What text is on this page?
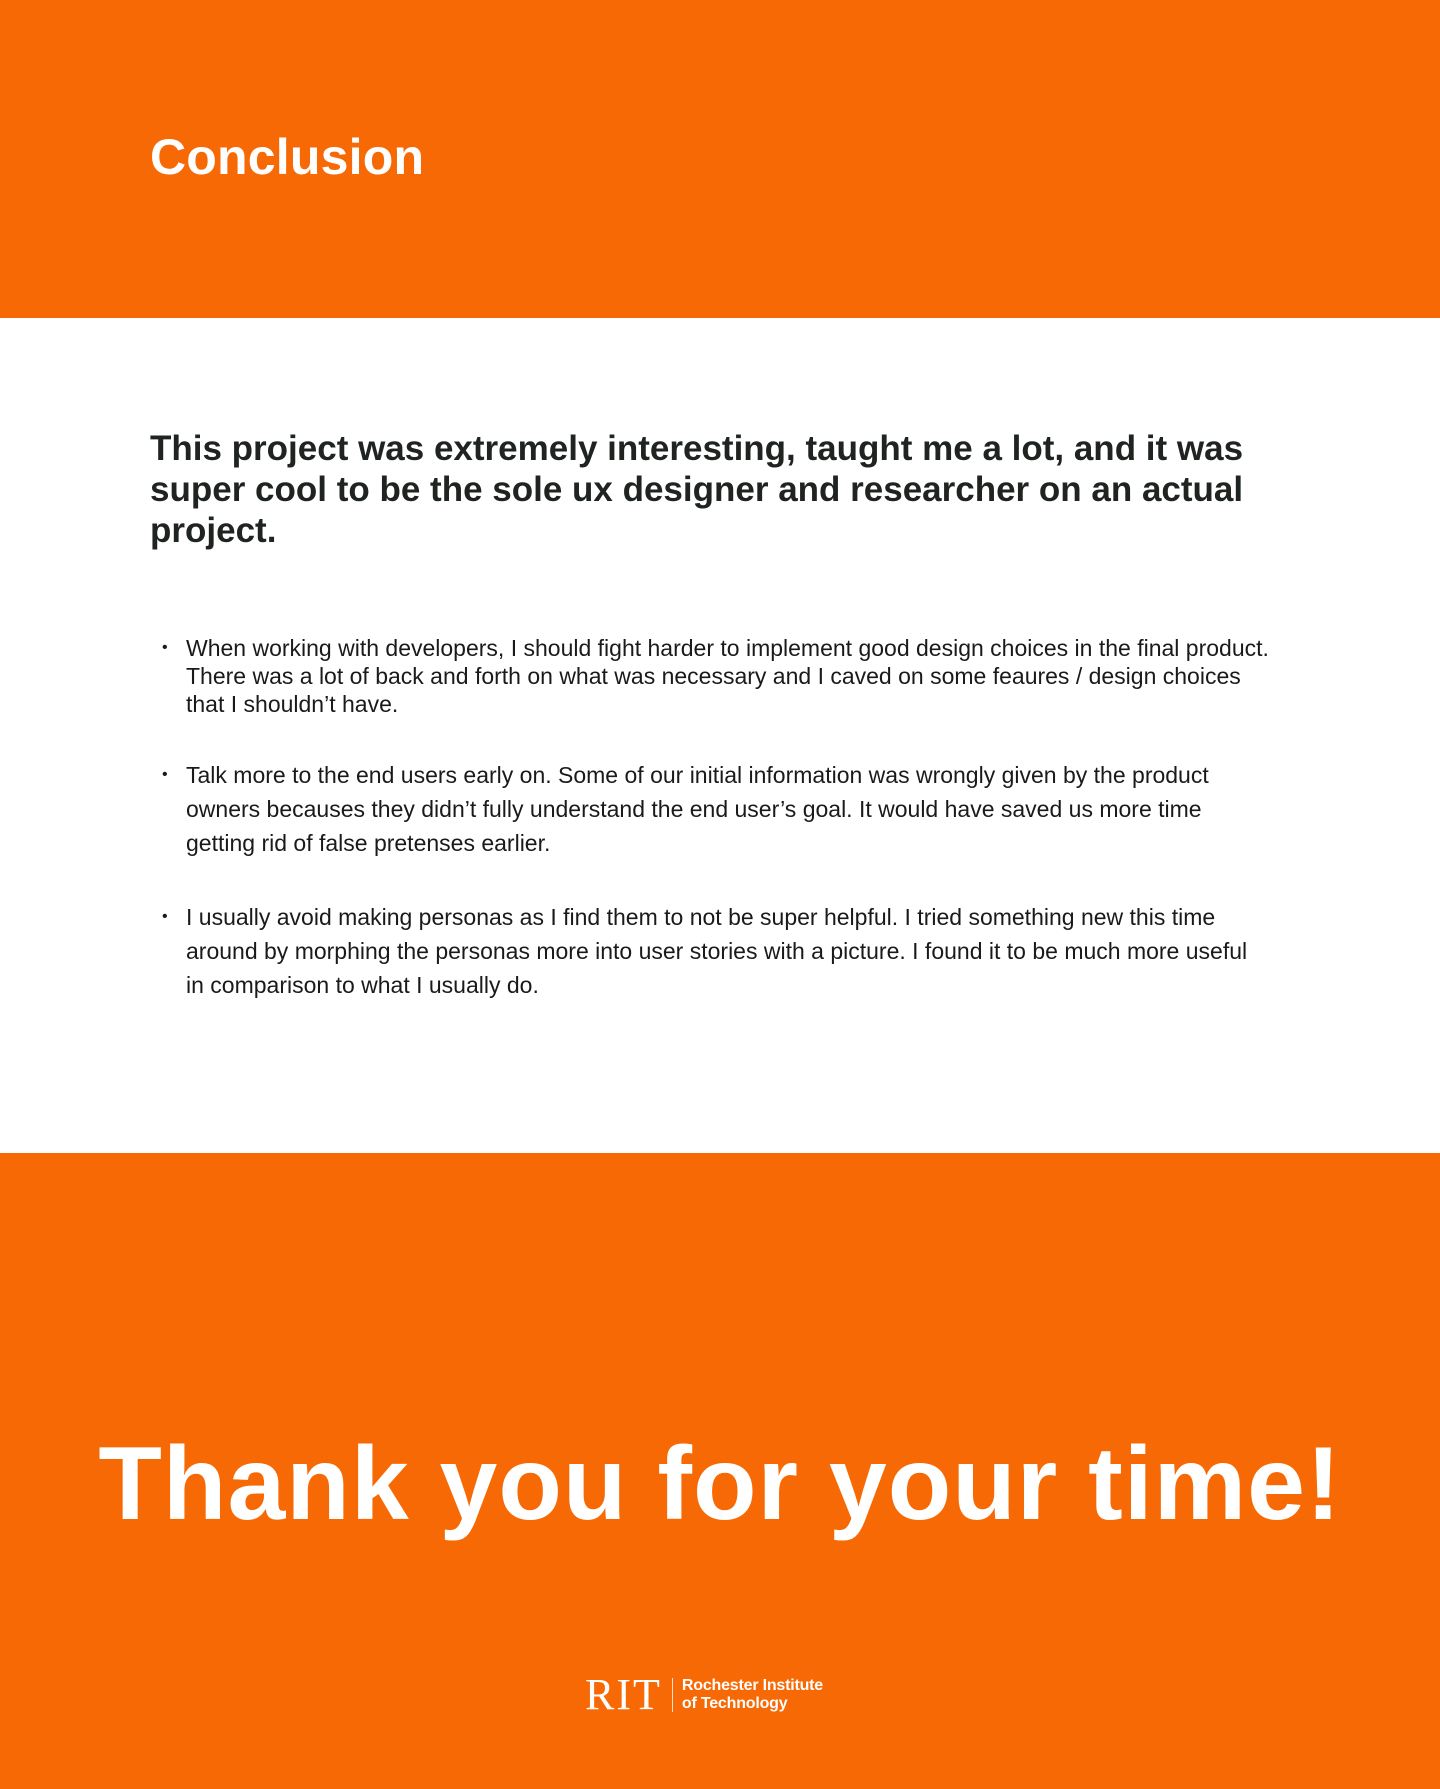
Conclusion

This project was extremely interesting, taught me a lot, and it was super cool to be the sole ux designer and researcher on an actual project.

• When working with developers, I should fight harder to implement good design choices in the final product. There was a lot of back and forth on what was necessary and I caved on some feaures / design choices that I shouldn’t have.
• Talk more to the end users early on. Some of our initial information was wrongly given by the product owners becauses they didn’t fully understand the end user’s goal. It would have saved us more time getting rid of false pretenses earlier.
• I usually avoid making personas as I find them to not be super helpful. I tried something new this time around by morphing the personas more into user stories with a picture. I found it to be much more useful in comparison to what I usually do.
Thank you for your time!
RIT Rochester Institute
of Technology
